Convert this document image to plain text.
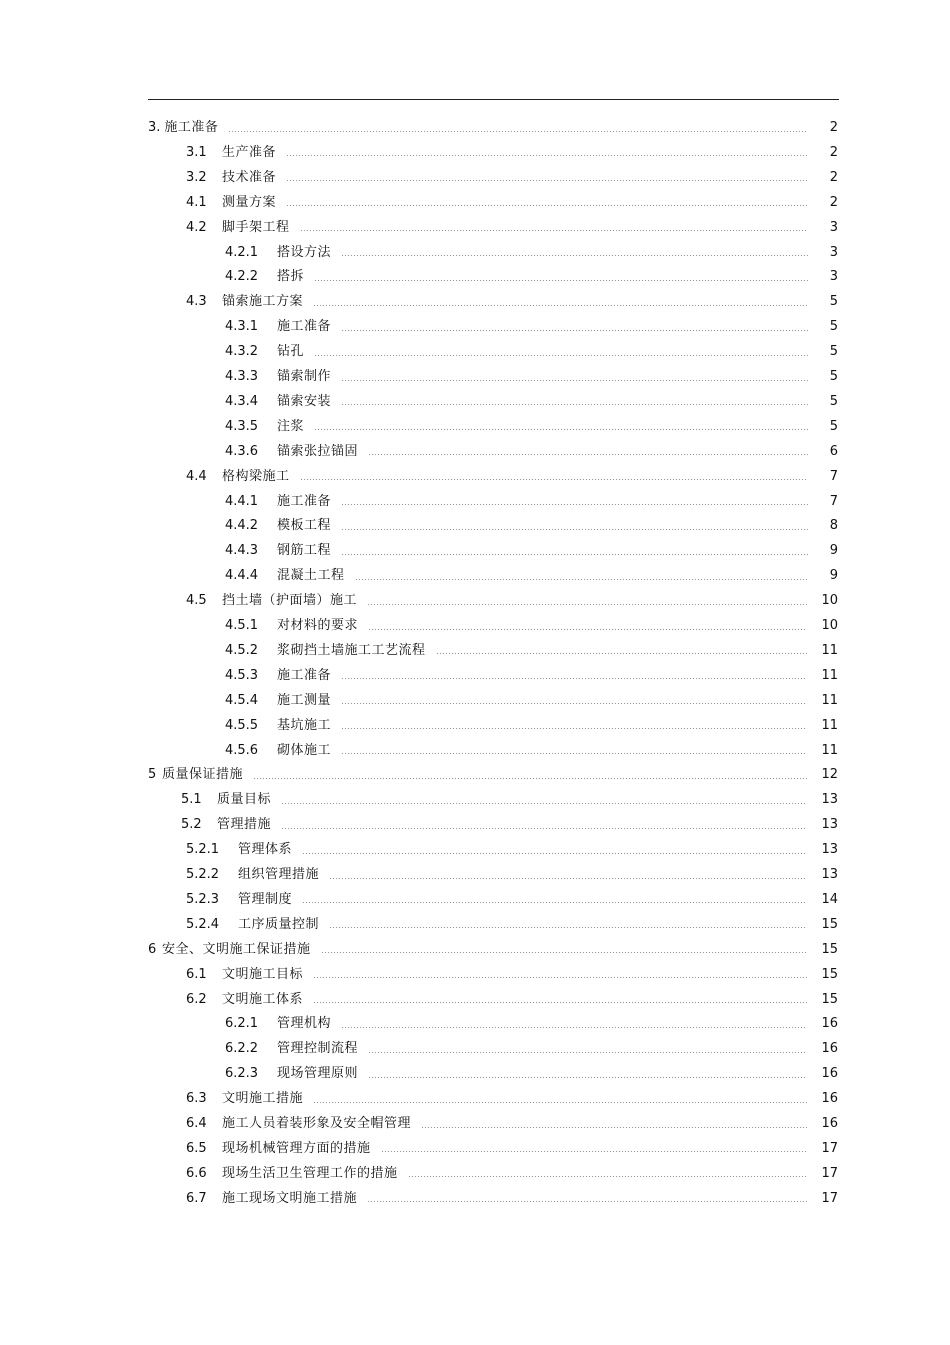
3. 施工准备	2
3.1	生产准备	2
3.2	技术准备	2
4.1	测量方案	2
4.2	脚手架工程	3
4.2.1	搭设方法	3
4.2.2	搭拆	3
4.3	锚索施工方案	5
4.3.1	施工准备	5
4.3.2	钻孔	5
4.3.3	锚索制作	5
4.3.4	锚索安装	5
4.3.5	注浆	5
4.3.6	锚索张拉锚固	6
4.4	格构梁施工	7
4.4.1	施工准备	7
4.4.2	模板工程	8
4.4.3	钢筋工程	9
4.4.4	混凝土工程	9
4.5	挡土墙（护面墙）施工	10
4.5.1	对材料的要求	10
4.5.2	浆砌挡土墙施工工艺流程	11
4.5.3	施工准备	11
4.5.4	施工测量	11
4.5.5	基坑施工	11
4.5.6	砌体施工	11
5 质量保证措施	12
5.1	质量目标	13
5.2	管理措施	13
5.2.1	管理体系	13
5.2.2	组织管理措施	13
5.2.3	管理制度	14
5.2.4	工序质量控制	15
6 安全、文明施工保证措施	15
6.1	文明施工目标	15
6.2	文明施工体系	15
6.2.1	管理机构	16
6.2.2	管理控制流程	16
6.2.3	现场管理原则	16
6.3	文明施工措施	16
6.4	施工人员着装形象及安全帽管理	16
6.5	现场机械管理方面的措施	17
6.6	现场生活卫生管理工作的措施	17
6.7	施工现场文明施工措施	17
